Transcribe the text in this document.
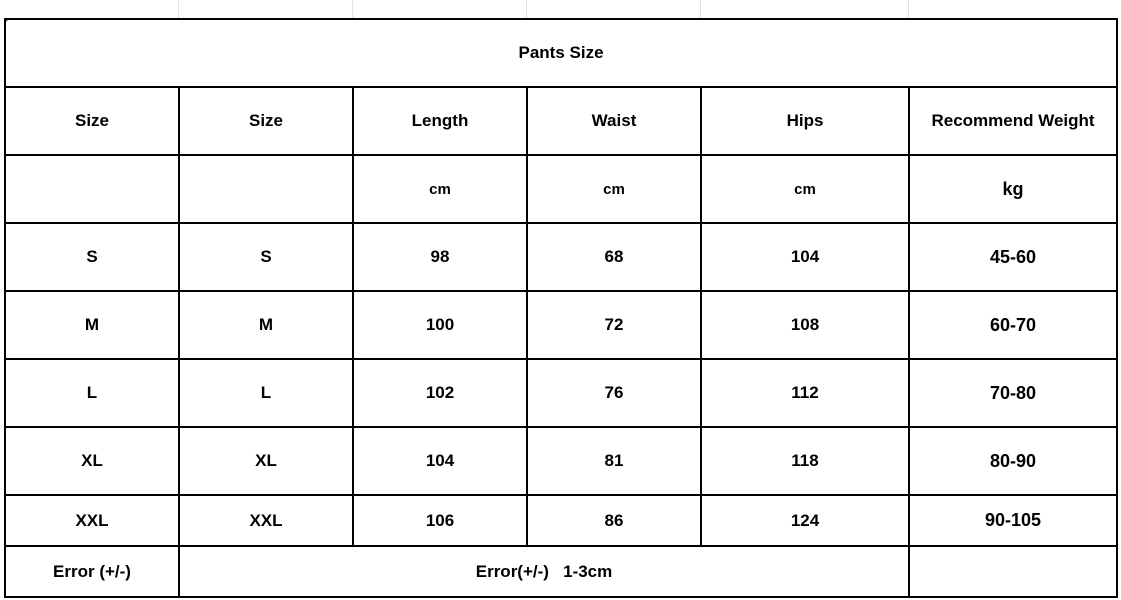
Pants Size					
Size	Size	Length	Waist	Hips	Recommend Weight
		cm	cm	cm	kg
S	S	98	68	104	45-60
M	M	100	72	108	60-70
L	L	102	76	112	70-80
XL	XL	104	81	118	80-90
XXL	XXL	106	86	124	90-105
Error (+/-)	Error(+/-)   1-3cm				
